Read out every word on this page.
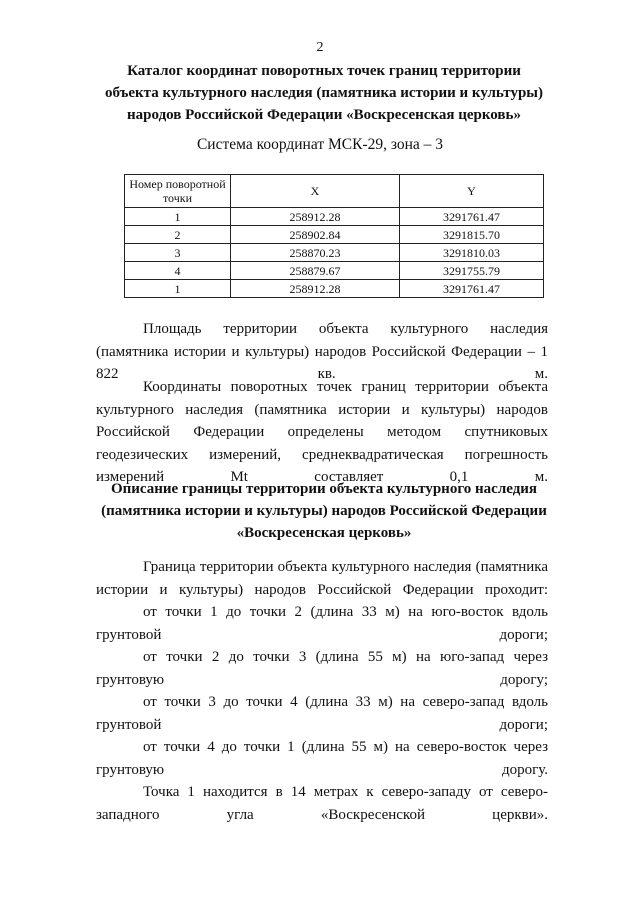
2
Каталог координат поворотных точек границ территории
объекта культурного наследия (памятника истории и культуры)
народов Российской Федерации «Воскресенская церковь»
Система координат МСК-29, зона – 3
Номер поворотной точки	X	Y
1	258912.28	3291761.47
2	258902.84	3291815.70
3	258870.23	3291810.03
4	258879.67	3291755.79
1	258912.28	3291761.47

Площадь территории объекта культурного наследия (памятника истории и культуры) народов Российской Федерации – 1 822 кв. м.

Координаты поворотных точек границ территории объекта культурного наследия (памятника истории и культуры) народов Российской Федерации определены методом спутниковых геодезических измерений, среднеквадратическая погрешность измерений Mt составляет 0,1 м.

Описание границы территории объекта культурного наследия
(памятника истории и культуры) народов Российской Федерации
«Воскресенская церковь»

Граница территории объекта культурного наследия (памятника истории и культуры) народов Российской Федерации проходит:

от точки 1 до точки 2 (длина 33 м) на юго-восток вдоль грунтовой дороги;

от точки 2 до точки 3 (длина 55 м) на юго-запад через грунтовую дорогу;

от точки 3 до точки 4 (длина 33 м) на северо-запад вдоль грунтовой дороги;

от точки 4 до точки 1 (длина 55 м) на северо-восток через грунтовую дорогу.

Точка 1 находится в 14 метрах к северо-западу от северо-западного угла «Воскресенской церкви».
